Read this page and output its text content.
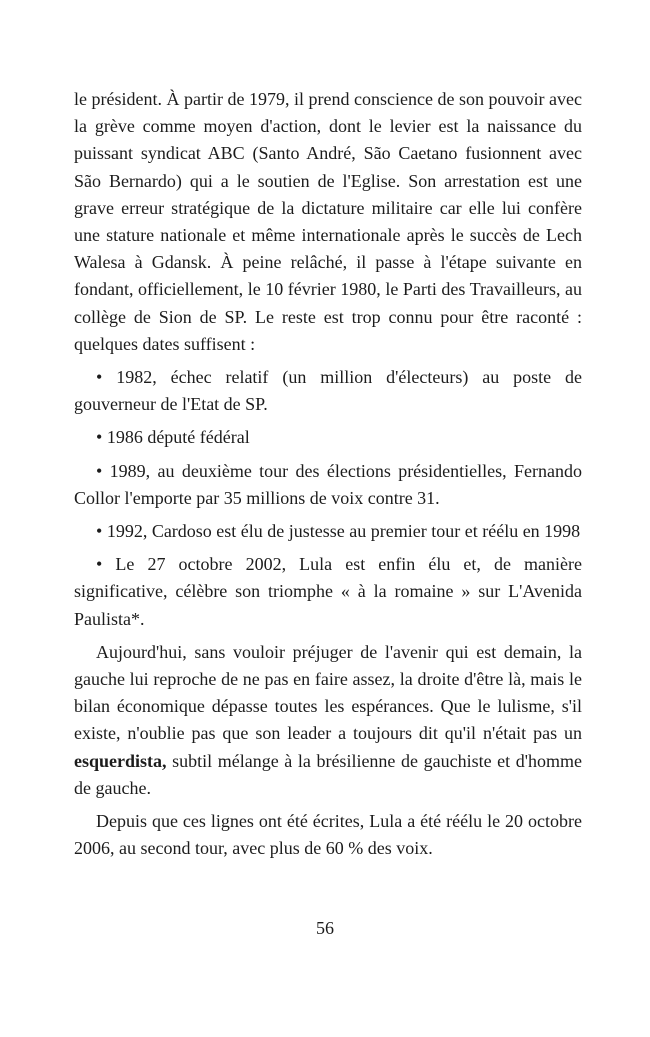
le président. À partir de 1979, il prend conscience de son pouvoir avec la grève comme moyen d'action, dont le levier est la naissance du puissant syndicat ABC (Santo André, São Caetano fusionnent avec São Bernardo) qui a le soutien de l'Eglise. Son arrestation est une grave erreur stratégique de la dictature militaire car elle lui confère une stature nationale et même internationale après le succès de Lech Walesa à Gdansk. À peine relâché, il passe à l'étape suivante en fondant, officiellement, le 10 février 1980, le Parti des Travailleurs, au collège de Sion de SP. Le reste est trop connu pour être raconté : quelques dates suffisent :

• 1982, échec relatif (un million d'électeurs) au poste de gouverneur de l'Etat de SP.

• 1986 député fédéral

• 1989, au deuxième tour des élections présidentielles, Fernando Collor l'emporte par 35 millions de voix contre 31.

• 1992, Cardoso est élu de justesse au premier tour et réélu en 1998

• Le 27 octobre 2002, Lula est enfin élu et, de manière significative, célèbre son triomphe « à la romaine » sur L'Avenida Paulista*.

Aujourd'hui, sans vouloir préjuger de l'avenir qui est demain, la gauche lui reproche de ne pas en faire assez, la droite d'être là, mais le bilan économique dépasse toutes les espérances. Que le lulisme, s'il existe, n'oublie pas que son leader a toujours dit qu'il n'était pas un esquerdista, subtil mélange à la brésilienne de gauchiste et d'homme de gauche.

Depuis que ces lignes ont été écrites, Lula a été réélu le 20 octobre 2006, au second tour, avec plus de 60 % des voix.

56
